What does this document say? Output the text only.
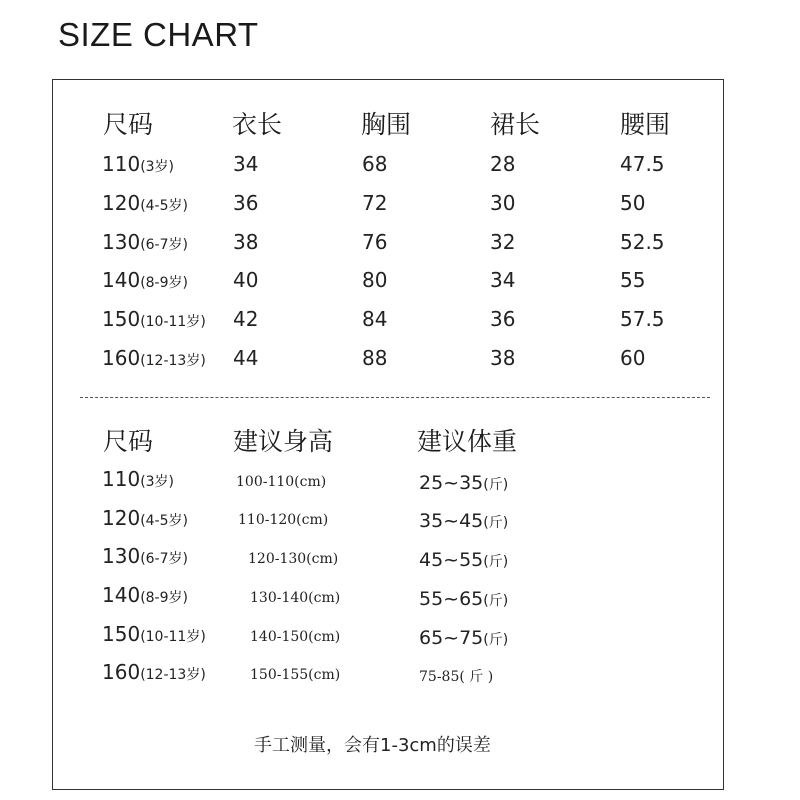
SIZE CHART
尺码	衣长	胸围	裙长	腰围
110(3岁)	34	68	28	47.5
120(4-5岁) 36	72	30	50
130(6-7岁) 38	76	32	52.5
140(8-9岁) 40	80	34	55
150(10-11岁) 42	84	36	57.5
160(12-13岁) 44	88	38	60
尺码	建议身高	建议体重
110(3岁)	100-110(cm)	25~35(斤)
120(4-5岁)	110-120(cm)	35~45(斤)
130(6-7岁)	120-130(cm)	45~55(斤)
140(8-9岁)	130-140(cm)	55~65(斤)
150(10-11岁)	140-150(cm)	65~75(斤)
160(12-13岁)	150-155(cm)	75-85( 斤 )
手工测量，会有1-3cm的误差
